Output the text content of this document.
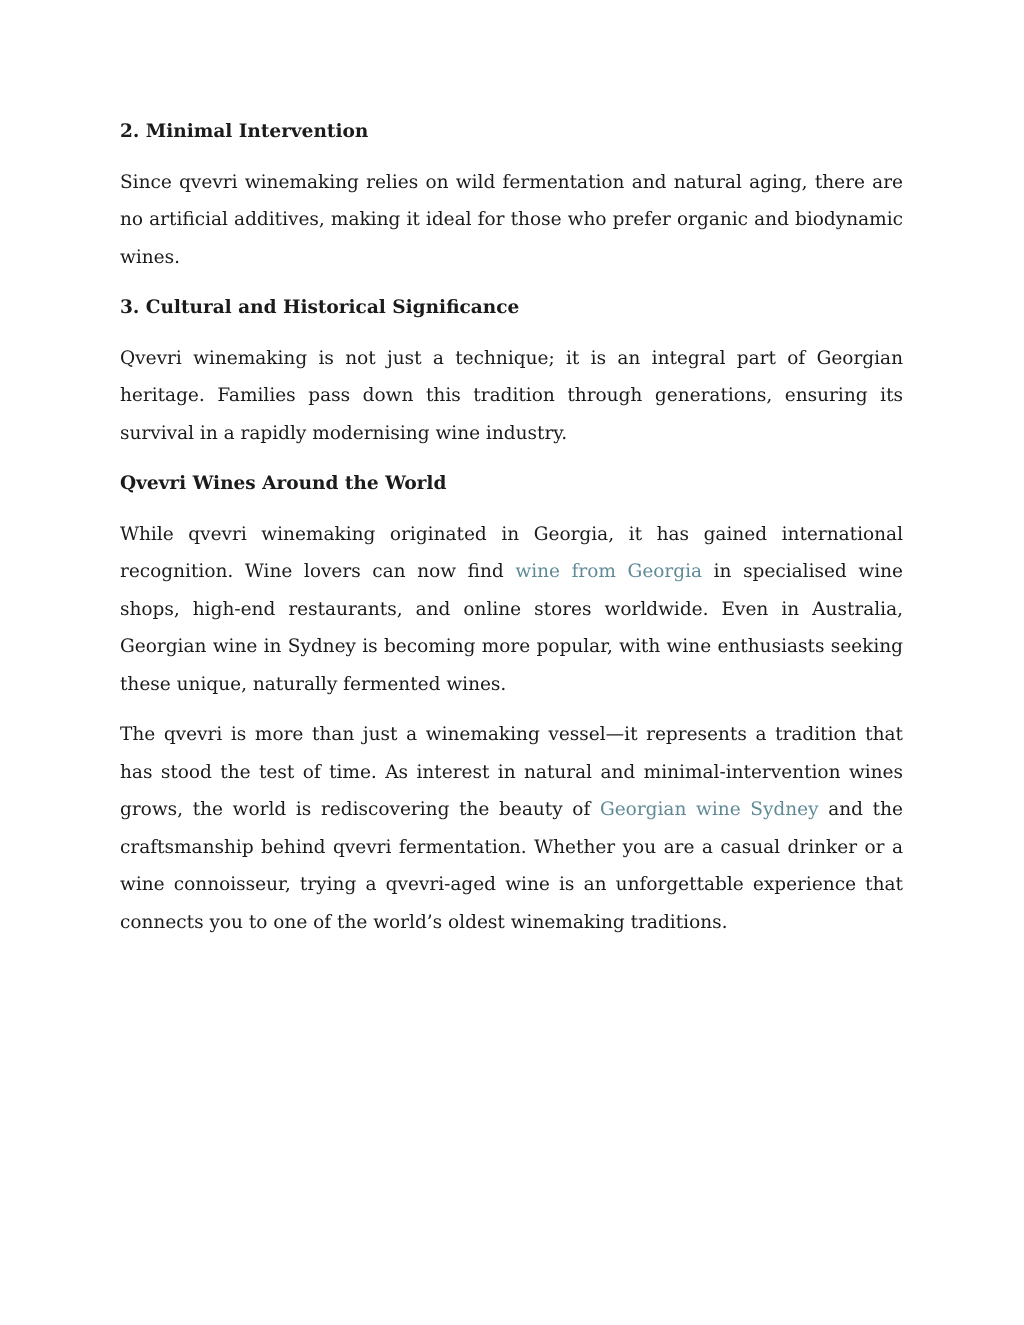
2. Minimal Intervention

Since qvevri winemaking relies on wild fermentation and natural aging, there are no artificial additives, making it ideal for those who prefer organic and biodynamic wines.

3. Cultural and Historical Significance

Qvevri winemaking is not just a technique; it is an integral part of Georgian heritage. Families pass down this tradition through generations, ensuring its survival in a rapidly modernising wine industry.

Qvevri Wines Around the World

While qvevri winemaking originated in Georgia, it has gained international recognition. Wine lovers can now find wine from Georgia in specialised wine shops, high-end restaurants, and online stores worldwide. Even in Australia, Georgian wine in Sydney is becoming more popular, with wine enthusiasts seeking these unique, naturally fermented wines.

The qvevri is more than just a winemaking vessel—it represents a tradition that has stood the test of time. As interest in natural and minimal-intervention wines grows, the world is rediscovering the beauty of Georgian wine Sydney and the craftsmanship behind qvevri fermentation. Whether you are a casual drinker or a wine connoisseur, trying a qvevri-aged wine is an unforgettable experience that connects you to one of the world’s oldest winemaking traditions.
